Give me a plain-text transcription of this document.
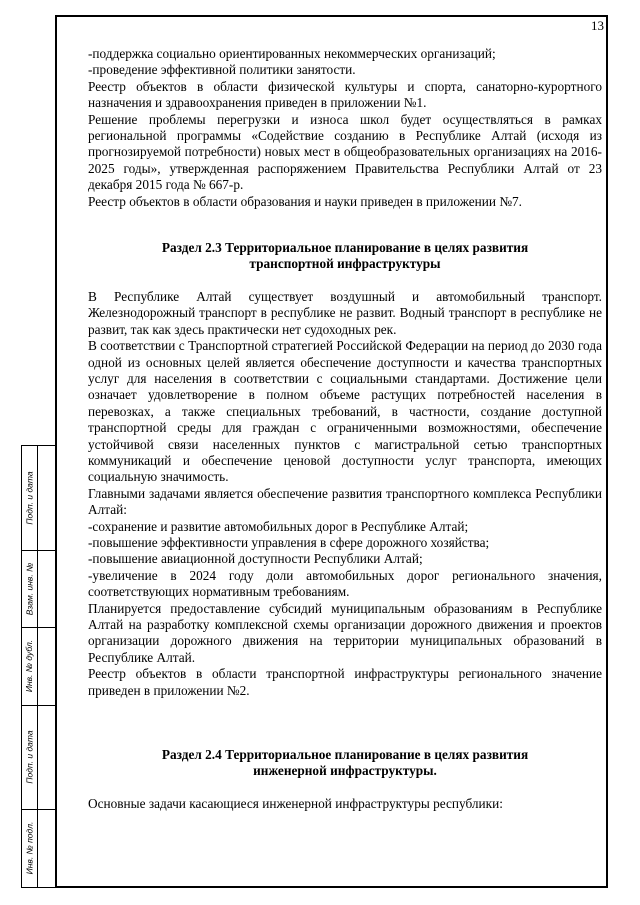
Подп. и дата
Взам. инв. №
Инв. № дубл.
Подп. и дата
Инв. № подл.
13

-поддержка социально ориентированных некоммерческих организаций;

-проведение эффективной политики занятости.

Реестр объектов в области физической культуры и спорта, санаторно-курортного назначения и здравоохранения приведен в приложении №1.

Решение проблемы перегрузки и износа школ будет осуществляться в рамках региональной программы «Содействие созданию в Республике Алтай (исходя из прогнозируемой потребности) новых мест в общеобразовательных организациях на 2016-2025 годы», утвержденная распоряжением Правительства Республики Алтай от 23 декабря 2015 года № 667-р.

Реестр объектов в области образования и науки приведен в приложении №7.

Раздел 2.3 Территориальное планирование в целях развития
транспортной инфраструктуры

В Республике Алтай существует воздушный и автомобильный транспорт. Железнодорожный транспорт в республике не развит. Водный транспорт в республике не развит, так как здесь практически нет судоходных рек.

В соответствии с Транспортной стратегией Российской Федерации на период до 2030 года одной из основных целей является обеспечение доступности и качества транспортных услуг для населения в соответствии с социальными стандартами. Достижение цели означает удовлетворение в полном объеме растущих потребностей населения в перевозках, а также специальных требований, в частности, создание доступной транспортной среды для граждан с ограниченными возможностями, обеспечение устойчивой связи населенных пунктов с магистральной сетью транспортных коммуникаций и обеспечение ценовой доступности услуг транспорта, имеющих социальную значимость.

Главными задачами является обеспечение развития транспортного комплекса Республики Алтай:

-сохранение и развитие автомобильных дорог в Республике Алтай;

-повышение эффективности управления в сфере дорожного хозяйства;

-повышение авиационной доступности Республики Алтай;

-увеличение в 2024 году доли автомобильных дорог регионального значения, соответствующих нормативным требованиям.

Планируется предоставление субсидий муниципальным образованиям в Республике Алтай на разработку комплексной схемы организации дорожного движения и проектов организации дорожного движения на территории муниципальных образований в Республике Алтай.

Реестр объектов в области транспортной инфраструктуры регионального значение приведен в приложении №2.

Раздел 2.4 Территориальное планирование в целях развития
инженерной инфраструктуры.

Основные задачи касающиеся инженерной инфраструктуры республики:
